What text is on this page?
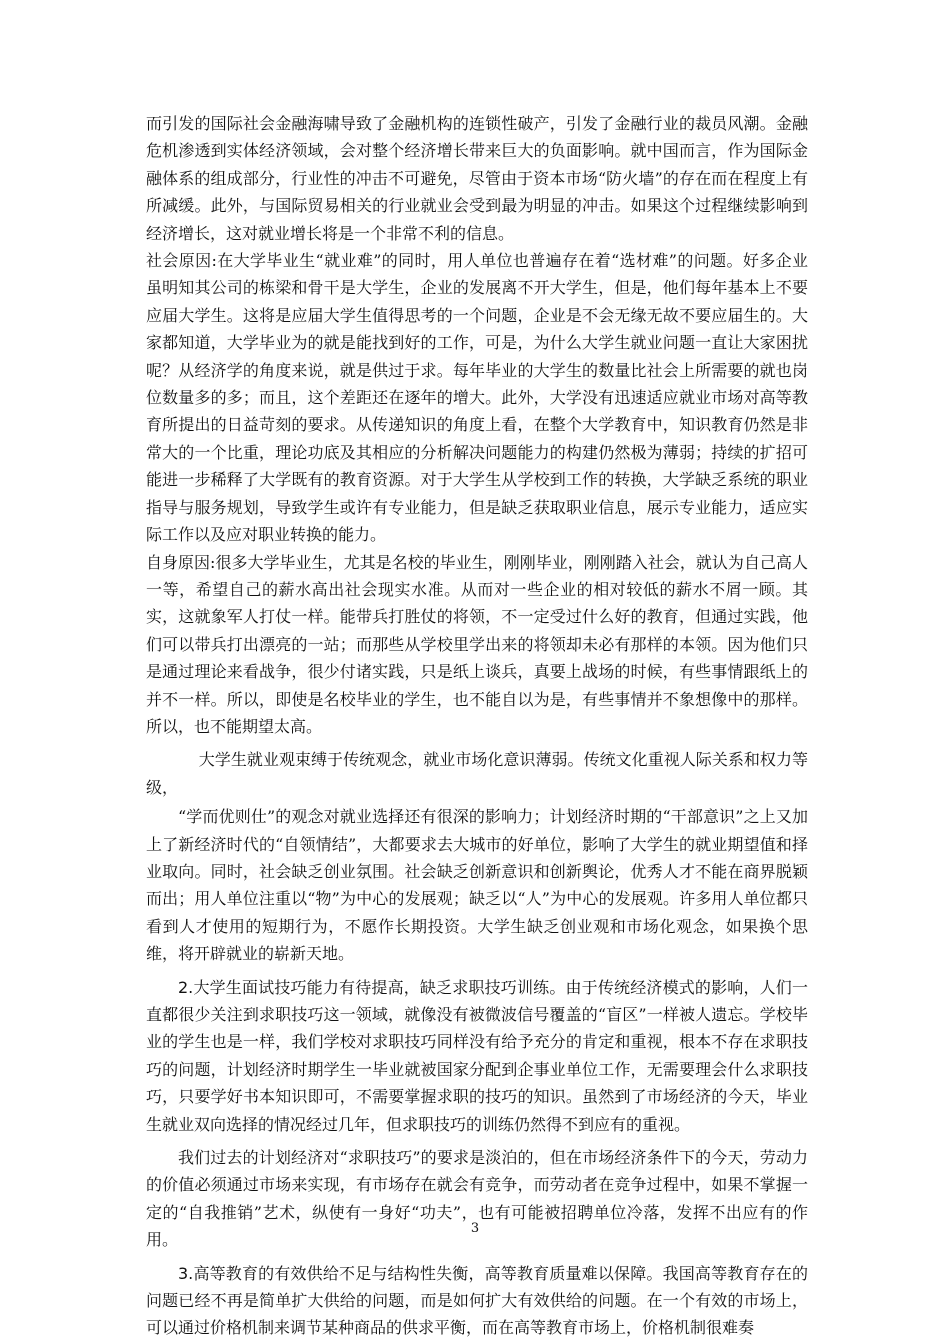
而引发的国际社会金融海啸导致了金融机构的连锁性破产，引发了金融行业的裁员风潮。金融危机渗透到实体经济领域，会对整个经济增长带来巨大的负面影响。就中国而言，作为国际金融体系的组成部分，行业性的冲击不可避免，尽管由于资本市场“防火墙”的存在而在程度上有所减缓。此外，与国际贸易相关的行业就业会受到最为明显的冲击。如果这个过程继续影响到经济增长，这对就业增长将是一个非常不利的信息。

社会原因:在大学毕业生“就业难”的同时，用人单位也普遍存在着“选材难”的问题。好多企业虽明知其公司的栋梁和骨干是大学生，企业的发展离不开大学生，但是，他们每年基本上不要应届大学生。这将是应届大学生值得思考的一个问题，企业是不会无缘无故不要应届生的。大家都知道，大学毕业为的就是能找到好的工作，可是，为什么大学生就业问题一直让大家困扰呢？从经济学的角度来说，就是供过于求。每年毕业的大学生的数量比社会上所需要的就也岗位数量多的多；而且，这个差距还在逐年的增大。此外，大学没有迅速适应就业市场对高等教育所提出的日益苛刻的要求。从传递知识的角度上看，在整个大学教育中，知识教育仍然是非常大的一个比重，理论功底及其相应的分析解决问题能力的构建仍然极为薄弱；持续的扩招可能进一步稀释了大学既有的教育资源。对于大学生从学校到工作的转换，大学缺乏系统的职业指导与服务规划，导致学生或许有专业能力，但是缺乏获取职业信息，展示专业能力，适应实际工作以及应对职业转换的能力。

自身原因:很多大学毕业生，尤其是名校的毕业生，刚刚毕业，刚刚踏入社会，就认为自己高人一等，希望自己的薪水高出社会现实水准。从而对一些企业的相对较低的薪水不屑一顾。其实，这就象军人打仗一样。能带兵打胜仗的将领，不一定受过什么好的教育，但通过实践，他们可以带兵打出漂亮的一站；而那些从学校里学出来的将领却未必有那样的本领。因为他们只是通过理论来看战争，很少付诸实践，只是纸上谈兵，真要上战场的时候，有些事情跟纸上的并不一样。所以，即使是名校毕业的学生，也不能自以为是，有些事情并不象想像中的那样。所以，也不能期望太高。

大学生就业观束缚于传统观念，就业市场化意识薄弱。传统文化重视人际关系和权力等级，

“学而优则仕”的观念对就业选择还有很深的影响力；计划经济时期的“干部意识”之上又加上了新经济时代的“自领情结”，大都要求去大城市的好单位，影响了大学生的就业期望值和择业取向。同时，社会缺乏创业氛围。社会缺乏创新意识和创新舆论，优秀人才不能在商界脱颖而出；用人单位注重以“物”为中心的发展观；缺乏以“人”为中心的发展观。许多用人单位都只看到人才使用的短期行为，不愿作长期投资。大学生缺乏创业观和市场化观念，如果换个思维，将开辟就业的崭新天地。

2.大学生面试技巧能力有待提高，缺乏求职技巧训练。由于传统经济模式的影响，人们一直都很少关注到求职技巧这一领域，就像没有被微波信号覆盖的“盲区”一样被人遗忘。学校毕业的学生也是一样，我们学校对求职技巧同样没有给予充分的肯定和重视，根本不存在求职技巧的问题，计划经济时期学生一毕业就被国家分配到企事业单位工作，无需要理会什么求职技巧，只要学好书本知识即可，不需要掌握求职的技巧的知识。虽然到了市场经济的今天，毕业生就业双向选择的情况经过几年，但求职技巧的训练仍然得不到应有的重视。

我们过去的计划经济对“求职技巧”的要求是淡泊的，但在市场经济条件下的今天，劳动力的价值必须通过市场来实现，有市场存在就会有竞争，而劳动者在竞争过程中，如果不掌握一定的“自我推销”艺术，纵使有一身好“功夫”，也有可能被招聘单位冷落，发挥不出应有的作用。

3.高等教育的有效供给不足与结构性失衡，高等教育质量难以保障。我国高等教育存在的问题已经不再是简单扩大供给的问题，而是如何扩大有效供给的问题。在一个有效的市场上，可以通过价格机制来调节某种商品的供求平衡，而在高等教育市场上，价格机制很难奏

3
